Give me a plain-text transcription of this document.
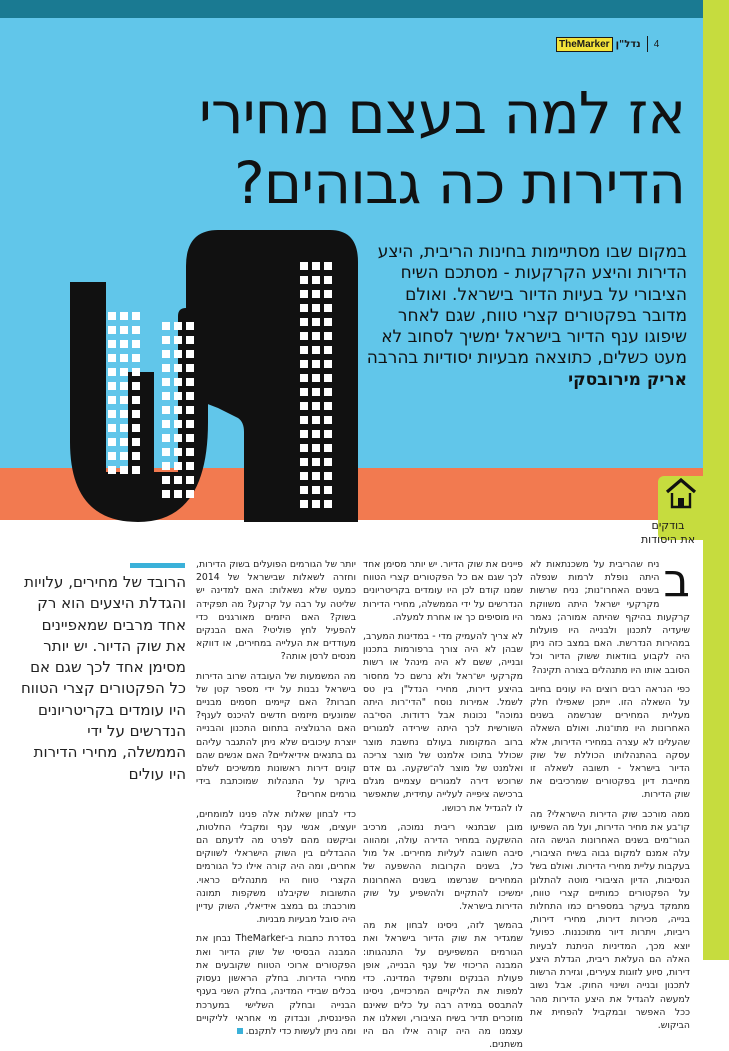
TheMarker נדל"ן 4
אז למה בעצם מחירי הדירות כה גבוהים?
במקום שבו מסתיימות בחינות הריבית, היצע הדירות והיצע הקרקעות - מסתכם השיח הציבורי על בעיות הדיור בישראל. ואולם מדובר בפקטורים קצרי טווח, שגם לאחר שיפוגו ענף הדיור בישראל ימשיך לסחוב לא מעט כשלים, כתוצאה מבעיות יסודיות בהרבה אריק מירובסקי
בודקים
את היסודות

הרובד של מחירים, עלויות והגדלת היצעים הוא רק אחד מרבים שמאפיינים את שוק הדיור. יש יותר מסימן אחד לכך שגם אם כל הפקטורים קצרי הטווח היו עומדים בקריטריונים הנדרשים על ידי הממשלה, מחירי הדירות היו עולים

ב

ניח שהריבית על משכנתאות לא היתה נופלת לרמות שנפלה בשנים האחרו־נות; נניח שרשות מקרקעי ישראל היתה משווקת קרקעות בהיקף שהיתה אמורה; נאמר שיעדיה לתכנון ולבנייה היו פועלות במהירות הנדרשת. האם במצב כזה ניתן היה לקבוע בוודאות ששוק הדיור וכל הסובב אותו היו מתנהלים בצורה תקינה?

כפי הנראה רבים רוצים היו עונים בחיוב על השאלה הזו. ייתכן שאפילו חלק מעליית המחירים שנרשמה בשנים האחרונות היו מתו־נות. ואולם השאלה שהעלינו לא עצרה במחירי הדירות, אלא עסקה בהתנהלותו הכוללת של שוק הדיור בישראל - תשובה לשאלה זו מחייבת דיון בפקטורים שמרכיבים את שוק הדירות.

ממה מורכב שוק הדירות הישראלי? מה קו־בע את מחיר הדירות, ועל מה השפיעו הגור־מים בשנים האחרונות הגישה הזה עלה אמנם למקום גבוה בשיח הציבורי, בעקבות עליית מחירי הדירות. ואולם בשל הנסיבות, הדיון הציבורי מוטה להתלונן על הפקטורים כמותיים קצרי טווח, מתמקד בעיקר במספרים כמו התחלות בנייה, מכירות דירות, מחירי דירות, ריביות, ויתרות דיור מתוכננות. כפועל יוצא מכך, המדיניות הניתנת לבעיות האלה הם העלאת ריבית, הגדלת היצע דירות, סיוע לזוגות צעירים, וגזירת הרשות לתכנון ובנייה ושינוי החוק. אבל נשוב למעשה להגדיל את היצע הדירות מהר ככל האפשר ובמקביל להפחית את הביקוש.

פיינים את שוק הדיור. יש יותר מסימן אחד לכך שגם אם כל הפקטורים קצרי הטווח שמנו קודם לכן היו עומדים בקריטריונים הנדרשים על ידי הממשלה, מחירי הדירות היו מוסיפים כך או אחרת למעלה.

לא צריך להעמיק מדי - במדינות המערב, שבהן לא היה צורך ברפורמות בתכנון ובנייה, ששם לא היה מינהל או רשות מקרקעי יש־ראל ולא נרשם כל מחסור בהיצע דירות, מחירי הנדל"ן בין טס לשמל. אמירות נוסח "הדי־רות היתה נמוכה" נכונות אבל רדודות. הסי־בה השורשית לכך היתה שירידה למגורים ברוב המקומות בעולם נחשבת מוצר שכולל בתוכו אלמנט של מוצר צריכה ואלמנט של מוצר לה־שקעה. גם אדם שרוכש דירה למגורים עצמיים מגלם ברכישה ציפייה לעלייה עתידית, שתאפשר לו להגדיל את רכושו.

מובן שבתנאי ריבית נמוכה, מרכיב ההשקעה במחיר הדירה עולה, ומהווה סיבה חשובה לעליות מחירים. אל מול כל, בשנים הקרובות ההשפעה של המחירים שנרשמו בשנים האחרונות ימשיכו להתקיים ולהשפיע על שוק הדירות בישראל.

בהמשך לזה, ניסינו לבחון את מה שמגדיר את שוק הדיור בישראל ואת הגורמים המשפיעים על התנהגותו: המבנה הריכוזי של ענף הבנייה, אופן פעולת הבנקים ותפקיד המדינה. כדי למפות את הליקויים המרכזיים, ניסינו להתבסס במידה רבה על כלים שאינם מוזכרים תדיר בשיח הציבורי, ושאלנו את עצמנו מה היה קורה אילו הם היו משתנים.

יותר של הגורמים הפועלים בשוק הדירות, וחזרה לשאלות שבישראל של 2014 כמעט שלא נשאלות: האם למדינה יש שליטה על רבה על קרקע? מה תפקידה בשוק? האם היזמים מאורגנים כדי להפעיל לחץ פוליטי? האם הבנקים מעודדים את העלייה במחירים, או דווקא מנסים לרסן אותה?

מה המשמעות של העובדה שרוב הדירות בישראל נבנות על ידי מספר קטן של חברות? האם קיימים חסמים מבניים שמונעים מיזמים חדשים להיכנס לענף? האם הרגולציה בתחום התכנון והבנייה יוצרת עיכובים שלא ניתן להתגבר עליהם גם בתנאים אידיאליים? האם אנשים שהם קונים דירות ראשונות ממשיכים לשלם ביוקר על התנהלות שמוכתבת בידי גורמים אחרים?

כדי לבחון שאלות אלה פנינו למומחים, יועצים, אנשי ענף ומקבלי החלטות, וביקשנו מהם לפרט מה לדעתם הם ההבדלים בין השוק הישראלי לשווקים אחרים, ומה היה קורה אילו כל הגורמים הקצרי טווח היו מתנהלים כראוי. התשובות שקיבלנו משקפות תמונה מורכבת: גם במצב אידיאלי, השוק עדיין היה סובל מבעיות מבניות.

בסדרת כתבות ב-TheMarker נבחן את המבנה הבסיסי של שוק הדיור ואת הפקטורים ארוכי הטווח שקובעים את מחירי הדירות. בחלק הראשון נעסוק בכלים שבידי המדינה, בחלק השני בענף הבנייה ובחלק השלישי במערכת הפיננסית, ונבדוק מי אחראי לליקויים ומה ניתן לעשות כדי לתקנם.
